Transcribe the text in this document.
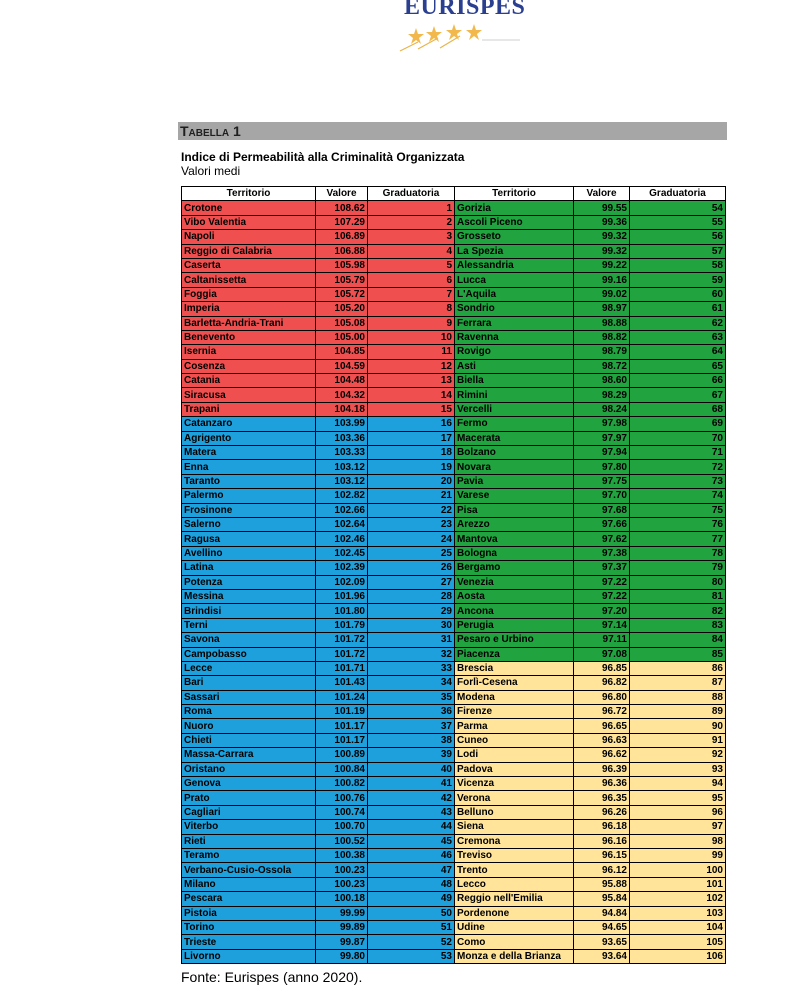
EURISPES
Tabella 1
Indice di Permeabilità alla Criminalità Organizzata
Valori medi
Territorio	Valore	Graduatoria	Territorio	Valore	Graduatoria
Crotone	108.62	1	Gorizia	99.55	54
Vibo Valentia	107.29	2	Ascoli Piceno	99.36	55
Napoli	106.89	3	Grosseto	99.32	56
Reggio di Calabria	106.88	4	La Spezia	99.32	57
Caserta	105.98	5	Alessandria	99.22	58
Caltanissetta	105.79	6	Lucca	99.16	59
Foggia	105.72	7	L'Aquila	99.02	60
Imperia	105.20	8	Sondrio	98.97	61
Barletta-Andria-Trani	105.08	9	Ferrara	98.88	62
Benevento	105.00	10	Ravenna	98.82	63
Isernia	104.85	11	Rovigo	98.79	64
Cosenza	104.59	12	Asti	98.72	65
Catania	104.48	13	Biella	98.60	66
Siracusa	104.32	14	Rimini	98.29	67
Trapani	104.18	15	Vercelli	98.24	68
Catanzaro	103.99	16	Fermo	97.98	69
Agrigento	103.36	17	Macerata	97.97	70
Matera	103.33	18	Bolzano	97.94	71
Enna	103.12	19	Novara	97.80	72
Taranto	103.12	20	Pavia	97.75	73
Palermo	102.82	21	Varese	97.70	74
Frosinone	102.66	22	Pisa	97.68	75
Salerno	102.64	23	Arezzo	97.66	76
Ragusa	102.46	24	Mantova	97.62	77
Avellino	102.45	25	Bologna	97.38	78
Latina	102.39	26	Bergamo	97.37	79
Potenza	102.09	27	Venezia	97.22	80
Messina	101.96	28	Aosta	97.22	81
Brindisi	101.80	29	Ancona	97.20	82
Terni	101.79	30	Perugia	97.14	83
Savona	101.72	31	Pesaro e Urbino	97.11	84
Campobasso	101.72	32	Piacenza	97.08	85
Lecce	101.71	33	Brescia	96.85	86
Bari	101.43	34	Forlì-Cesena	96.82	87
Sassari	101.24	35	Modena	96.80	88
Roma	101.19	36	Firenze	96.72	89
Nuoro	101.17	37	Parma	96.65	90
Chieti	101.17	38	Cuneo	96.63	91
Massa-Carrara	100.89	39	Lodi	96.62	92
Oristano	100.84	40	Padova	96.39	93
Genova	100.82	41	Vicenza	96.36	94
Prato	100.76	42	Verona	96.35	95
Cagliari	100.74	43	Belluno	96.26	96
Viterbo	100.70	44	Siena	96.18	97
Rieti	100.52	45	Cremona	96.16	98
Teramo	100.38	46	Treviso	96.15	99
Verbano-Cusio-Ossola	100.23	47	Trento	96.12	100
Milano	100.23	48	Lecco	95.88	101
Pescara	100.18	49	Reggio nell'Emilia	95.84	102
Pistoia	99.99	50	Pordenone	94.84	103
Torino	99.89	51	Udine	94.65	104
Trieste	99.87	52	Como	93.65	105
Livorno	99.80	53	Monza e della Brianza	93.64	106
Fonte: Eurispes (anno 2020).
